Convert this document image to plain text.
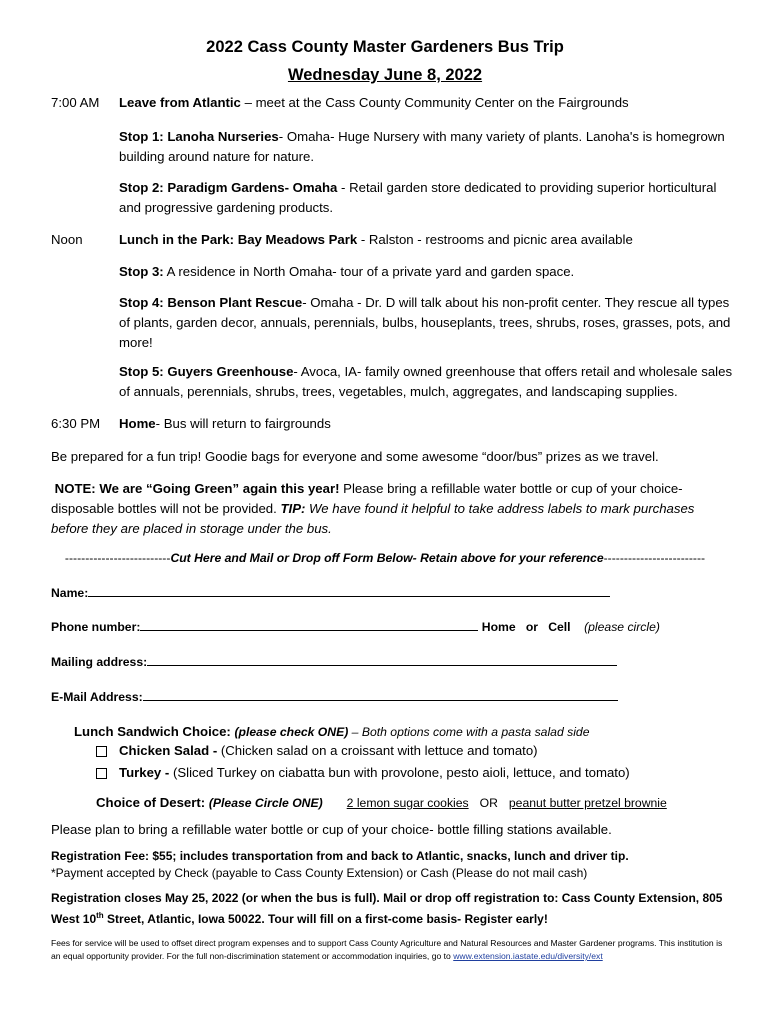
2022 Cass County Master Gardeners Bus Trip
Wednesday June 8, 2022
7:00 AM Leave from Atlantic – meet at the Cass County Community Center on the Fairgrounds
Stop 1: Lanoha Nurseries- Omaha- Huge Nursery with many variety of plants. Lanoha's is homegrown building around nature for nature.
Stop 2: Paradigm Gardens- Omaha - Retail garden store dedicated to providing superior horticultural and progressive gardening products.
Noon	Lunch in the Park: Bay Meadows Park - Ralston - restrooms and picnic area available
Stop 3: A residence in North Omaha- tour of a private yard and garden space.
Stop 4: Benson Plant Rescue- Omaha - Dr. D will talk about his non-profit center. They rescue all types of plants, garden decor, annuals, perennials, bulbs, houseplants, trees, shrubs, roses, grasses, pots, and more!
Stop 5: Guyers Greenhouse- Avoca, IA- family owned greenhouse that offers retail and wholesale sales of annuals, perennials, shrubs, trees, vegetables, mulch, aggregates, and landscaping supplies.
6:30 PM Home- Bus will return to fairgrounds
Be prepared for a fun trip! Goodie bags for everyone and some awesome “door/bus” prizes as we travel.
NOTE: We are “Going Green” again this year! Please bring a refillable water bottle or cup of your choice- disposable bottles will not be provided. TIP: We have found it helpful to take address labels to mark purchases before they are placed in storage under the bus.
--------------------------Cut Here and Mail or Drop off Form Below- Retain above for your reference-------------------------
Name:
Phone number:	Home or Cell (please circle)
Mailing address:
E-Mail Address:
Lunch Sandwich Choice: (please check ONE) – Both options come with a pasta salad side
Chicken Salad - (Chicken salad on a croissant with lettuce and tomato)
Turkey - (Sliced Turkey on ciabatta bun with provolone, pesto aioli, lettuce, and tomato)
Choice of Desert: (Please Circle ONE) 2 lemon sugar cookies OR peanut butter pretzel brownie
Please plan to bring a refillable water bottle or cup of your choice- bottle filling stations available.
Registration Fee: $55; includes transportation from and back to Atlantic, snacks, lunch and driver tip.
*Payment accepted by Check (payable to Cass County Extension) or Cash (Please do not mail cash)
Registration closes May 25, 2022 (or when the bus is full). Mail or drop off registration to: Cass County Extension, 805 West 10th Street, Atlantic, Iowa 50022. Tour will fill on a first-come basis- Register early!
Fees for service will be used to offset direct program expenses and to support Cass County Agriculture and Natural Resources and Master Gardener programs. This institution is an equal opportunity provider. For the full non-discrimination statement or accommodation inquiries, go to www.extension.iastate.edu/diversity/ext
